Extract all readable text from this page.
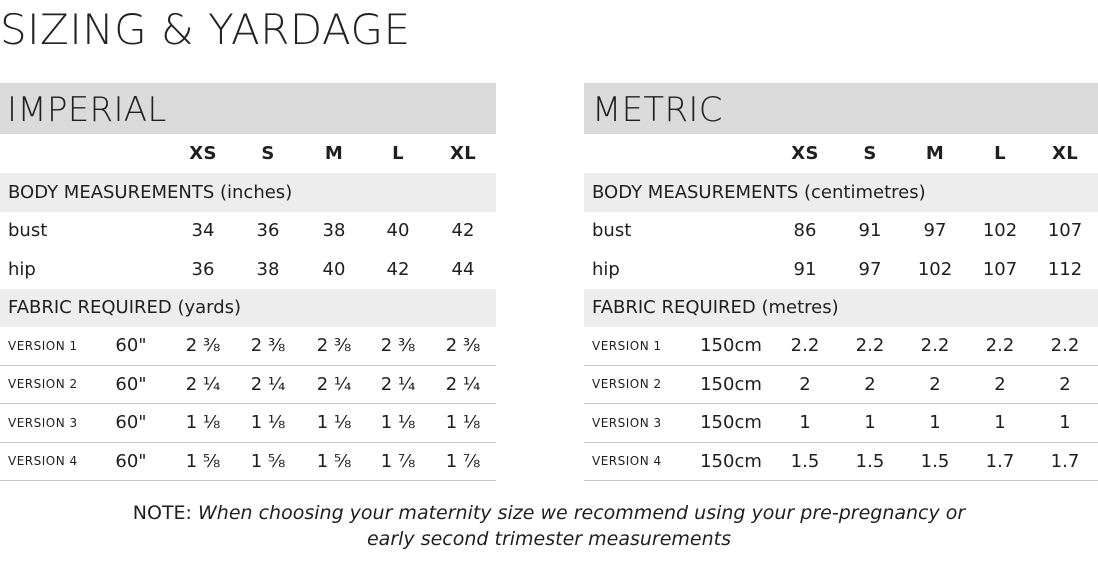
SIZING & YARDAGE
IMPERIAL
XS	S	M	L	XL
BODY MEASUREMENTS (inches)
bust	34	36	38	40	42
hip	36	38	40	42	44
FABRIC REQUIRED (yards)
VERSION 1	60"	2 ⅜	2 ⅜	2 ⅜	2 ⅜	2 ⅜
VERSION 2	60"	2 ¼	2 ¼	2 ¼	2 ¼	2 ¼
VERSION 3	60"	1 ⅛	1 ⅛	1 ⅛	1 ⅛	1 ⅛
VERSION 4	60"	1 ⅝	1 ⅝	1 ⅝	1 ⅞	1 ⅞
METRIC
XS	S	M	L	XL
BODY MEASUREMENTS (centimetres)
bust	86	91	97	102	107
hip	91	97	102	107	112
FABRIC REQUIRED (metres)
VERSION 1	150cm	2.2	2.2	2.2	2.2	2.2
VERSION 2	150cm	2	2	2	2	2
VERSION 3	150cm	1	1	1	1	1
VERSION 4	150cm	1.5	1.5	1.5	1.7	1.7
NOTE: When choosing your maternity size we recommend using your pre-pregnancy or
early second trimester measurements
